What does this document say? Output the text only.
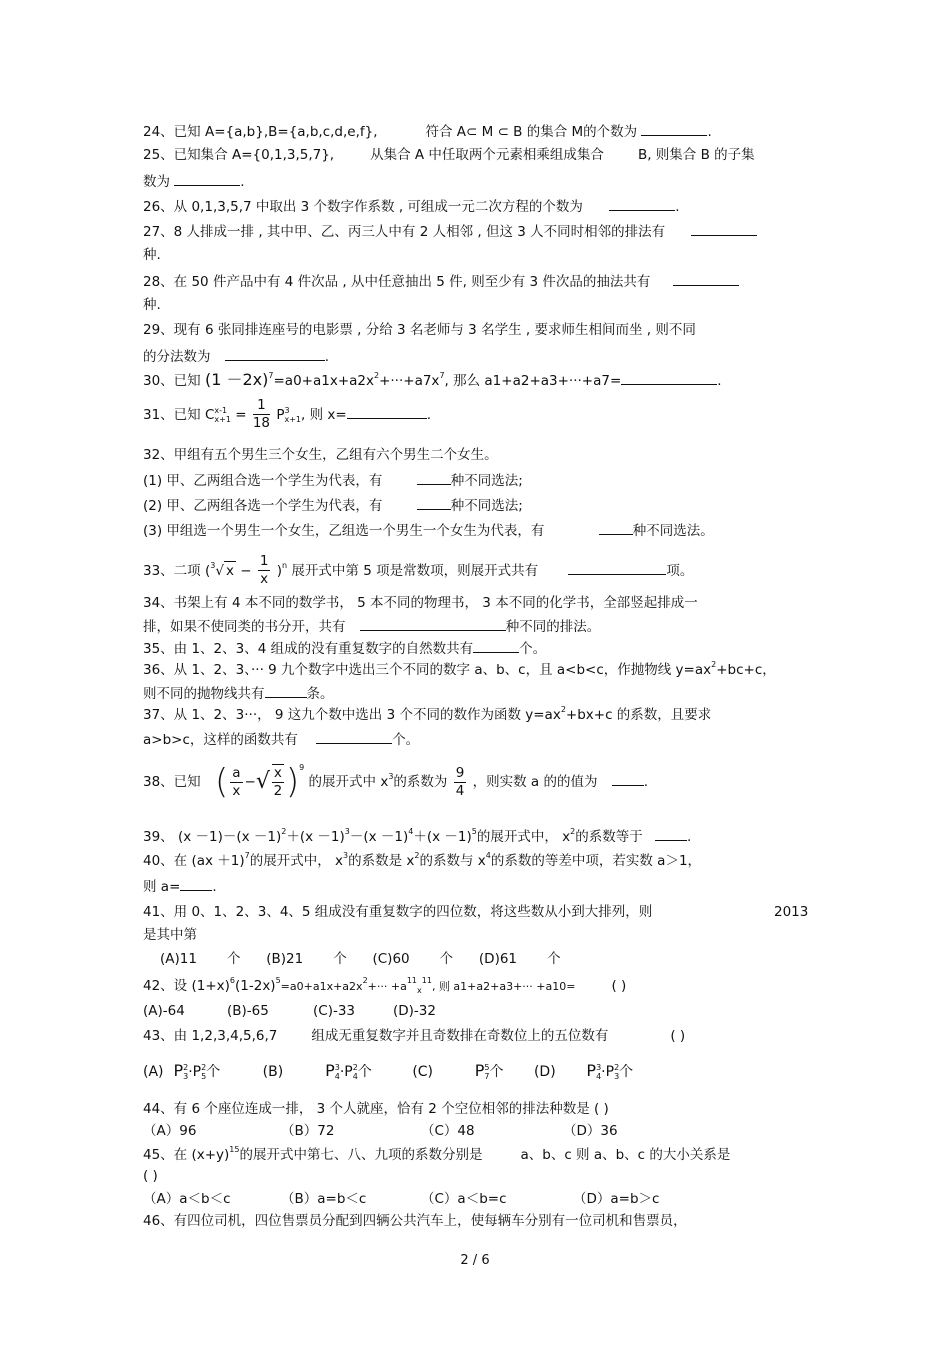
24、已知 A={a,b},B={a,b,c,d,e,f},	符合 A⊂ M ⊂ B 的集合 M的个数为	.
25、已知集合 A={0,1,3,5,7},	从集合 A 中任取两个元素相乘组成集合	B, 则集合 B 的子集
数为	.
26、从 0,1,3,5,7 中取出 3 个数字作系数 , 可组成一元二次方程的个数为	.
27、8 人排成一排 , 其中甲、乙、丙三人中有 2 人相邻 , 但这 3 人不同时相邻的排法有
种.
28、在 50 件产品中有 4 件次品 , 从中任意抽出 5 件, 则至少有 3 件次品的抽法共有
种.
29、现有 6 张同排连座号的电影票 , 分给 3 名老师与 3 名学生 , 要求师生相间而坐 , 则不同
的分法数为	.
30、已知 (1 －2x)7=a0+a1x+a2x2+···+a7x7, 那么 a1+a2+a3+···+a7=	.
31、已知 C x-1
$x+1 = \frac{1}{18}$ P 3
x+1 , 则 x=	.
32、甲组有五个男生三个女生，乙组有六个男生二个女生。
(1) 甲、乙两组合选一个学生为代表，有	种不同选法;
(2) 甲、乙两组各选一个学生为代表，有	种不同选法;
(3) 甲组选一个男生一个女生，乙组选一个男生一个女生为代表，有	种不同选法。
33、二项 (3√ $x - \frac{1}{x} )n$ 展开式中第 5 项是常数项，则展开式共有	项。
34、书架上有 4 本不同的数学书， 5 本不同的物理书， 3 本不同的化学书，全部竖起排成一
排，如果不使同类的书分开，共有	种不同的排法。
35、由 1、2、3、4 组成的没有重复数字的自然数共有	个。
36、从 1、2、3、··· 9 九个数字中选出三个不同的数字 a、b、c，且 a<b<c，作抛物线 y=ax2+bc+c，
则不同的抛物线共有	条。
37、从 1、2、3···， 9 这九个数中选出 3 个不同的数作为函数 y=ax2+bx+c 的系数，且要求
a>b>c，这样的函数共有	个。
38、已知 ( $\frac{a}{x}$ −√ $\frac{x}{2} )9$ 的展开式中 x3的系数为 $\frac{9}{4}$ ，则实数 a 的的值为	.
39、 (x －1)－(x －1)2＋(x －1)3－(x －1)4＋(x －1)5的展开式中， x2的系数等于	.
40、在 (ax ＋1)7的展开式中， x3的系数是 x2的系数与 x4的系数的等差中项，若实数 a＞1，
则 a= .
41、用 0、1、2、3、4、5 组成没有重复数字的四位数，将这些数从小到大排列，则	2013
是其中第
(A)11       个      (B)21       个      (C)60       个      (D)61       个
42、设 (1+x)6(1-2x)5=a0+a1x+a2x2+··· +a11x11, 则 a1+a2+a3+··· +a10=	( )
(A)-64	(B)-65	(C)-33	(D)-32
43、由 1,2,3,4,5,6,7	组成无重复数字并且奇数排在奇数位上的五位数有	( )
(A) P 2
3 ·P 2
5 个	(B)	P 3
4 ·P 2
4 个	(C)	P 5
7 个 (D) P 3
4 ·P 2
3 个
44、有 6 个座位连成一排， 3 个人就座，恰有 2 个空位相邻的排法种数是 ( )
（A）96	（B）72	（C）48	（D）36
45、在 (x+y)15的展开式中第七、八、九项的系数分别是	a、b、c 则 a、b、c 的大小关系是
( )
（A）a＜b＜c	（B）a=b＜c	（C）a＜b=c	（D）a=b＞c
46、有四位司机，四位售票员分配到四辆公共汽车上，使每辆车分别有一位司机和售票员，
2 / 6
